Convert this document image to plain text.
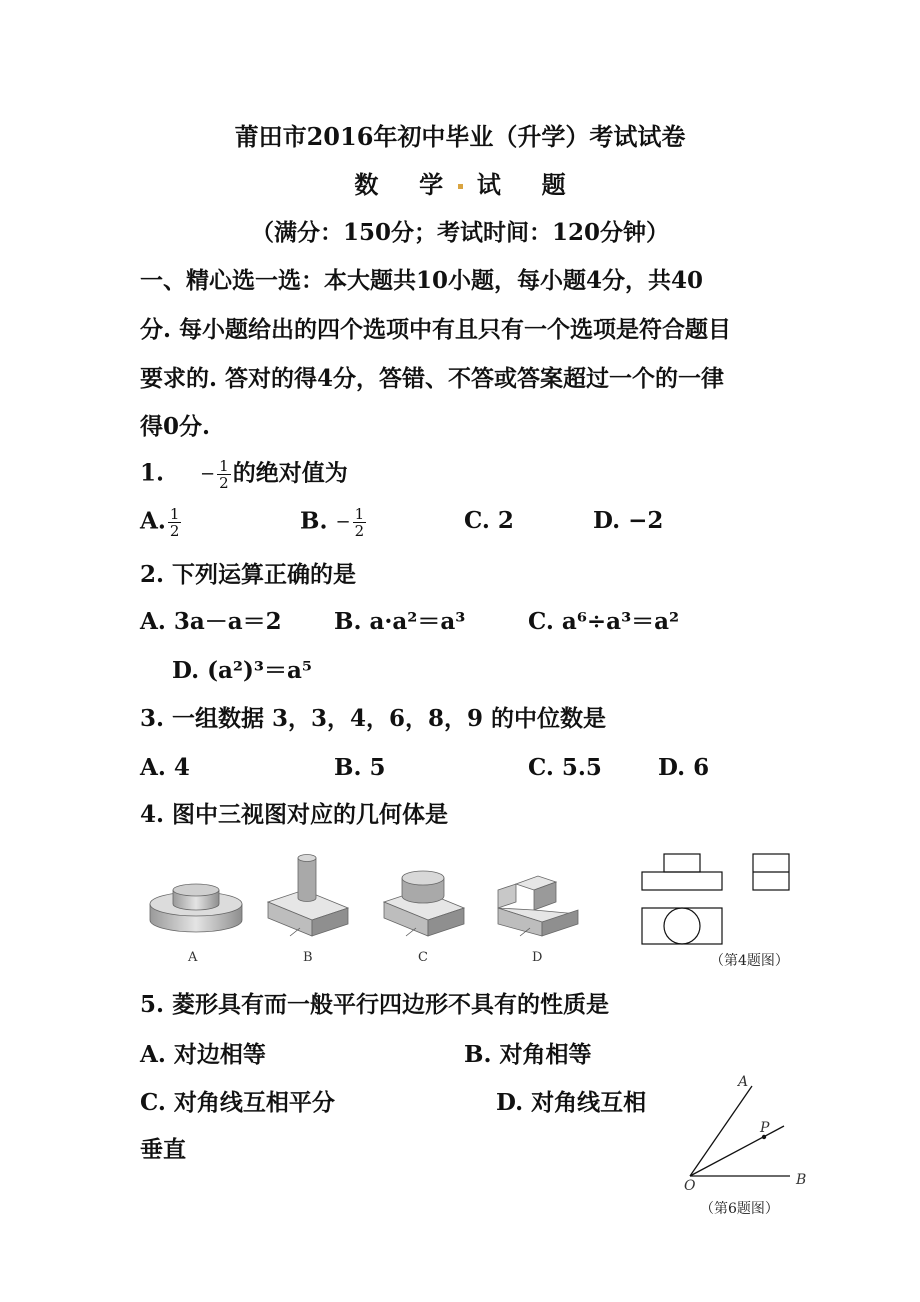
莆田市2016年初中毕业（升学）考试试卷
数 学 试 题
（满分：150分；考试时间：120分钟）
一、精心选一选：本大题共10小题，每小题4分，共40
分. 每小题给出的四个选项中有且只有一个选项是符合题目
要求的. 答对的得4分，答错、不答或答案超过一个的一律
得0分.
1. − $\frac{1}{2}$ 的绝对值为
A. $\frac{1}{2}$	B. − $\frac{1}{2}$	C. 2	D. −2
2. 下列运算正确的是
A. 3a－a＝2 B. a·a²＝a³	C. a⁶÷a³＝a²
D. (a²)³＝a⁵
3. 一组数据 3，3，4，6，8，9 的中位数是
A. 4	B. 5	C. 5.5 D. 6
4. 图中三视图对应的几何体是
A	B	C	D	（第4题图）
5. 菱形具有而一般平行四边形不具有的性质是
A. 对边相等	B. 对角相等
C. 对角线互相平分	D. 对角线互相
垂直
A
P
O	B
（第6题图）
